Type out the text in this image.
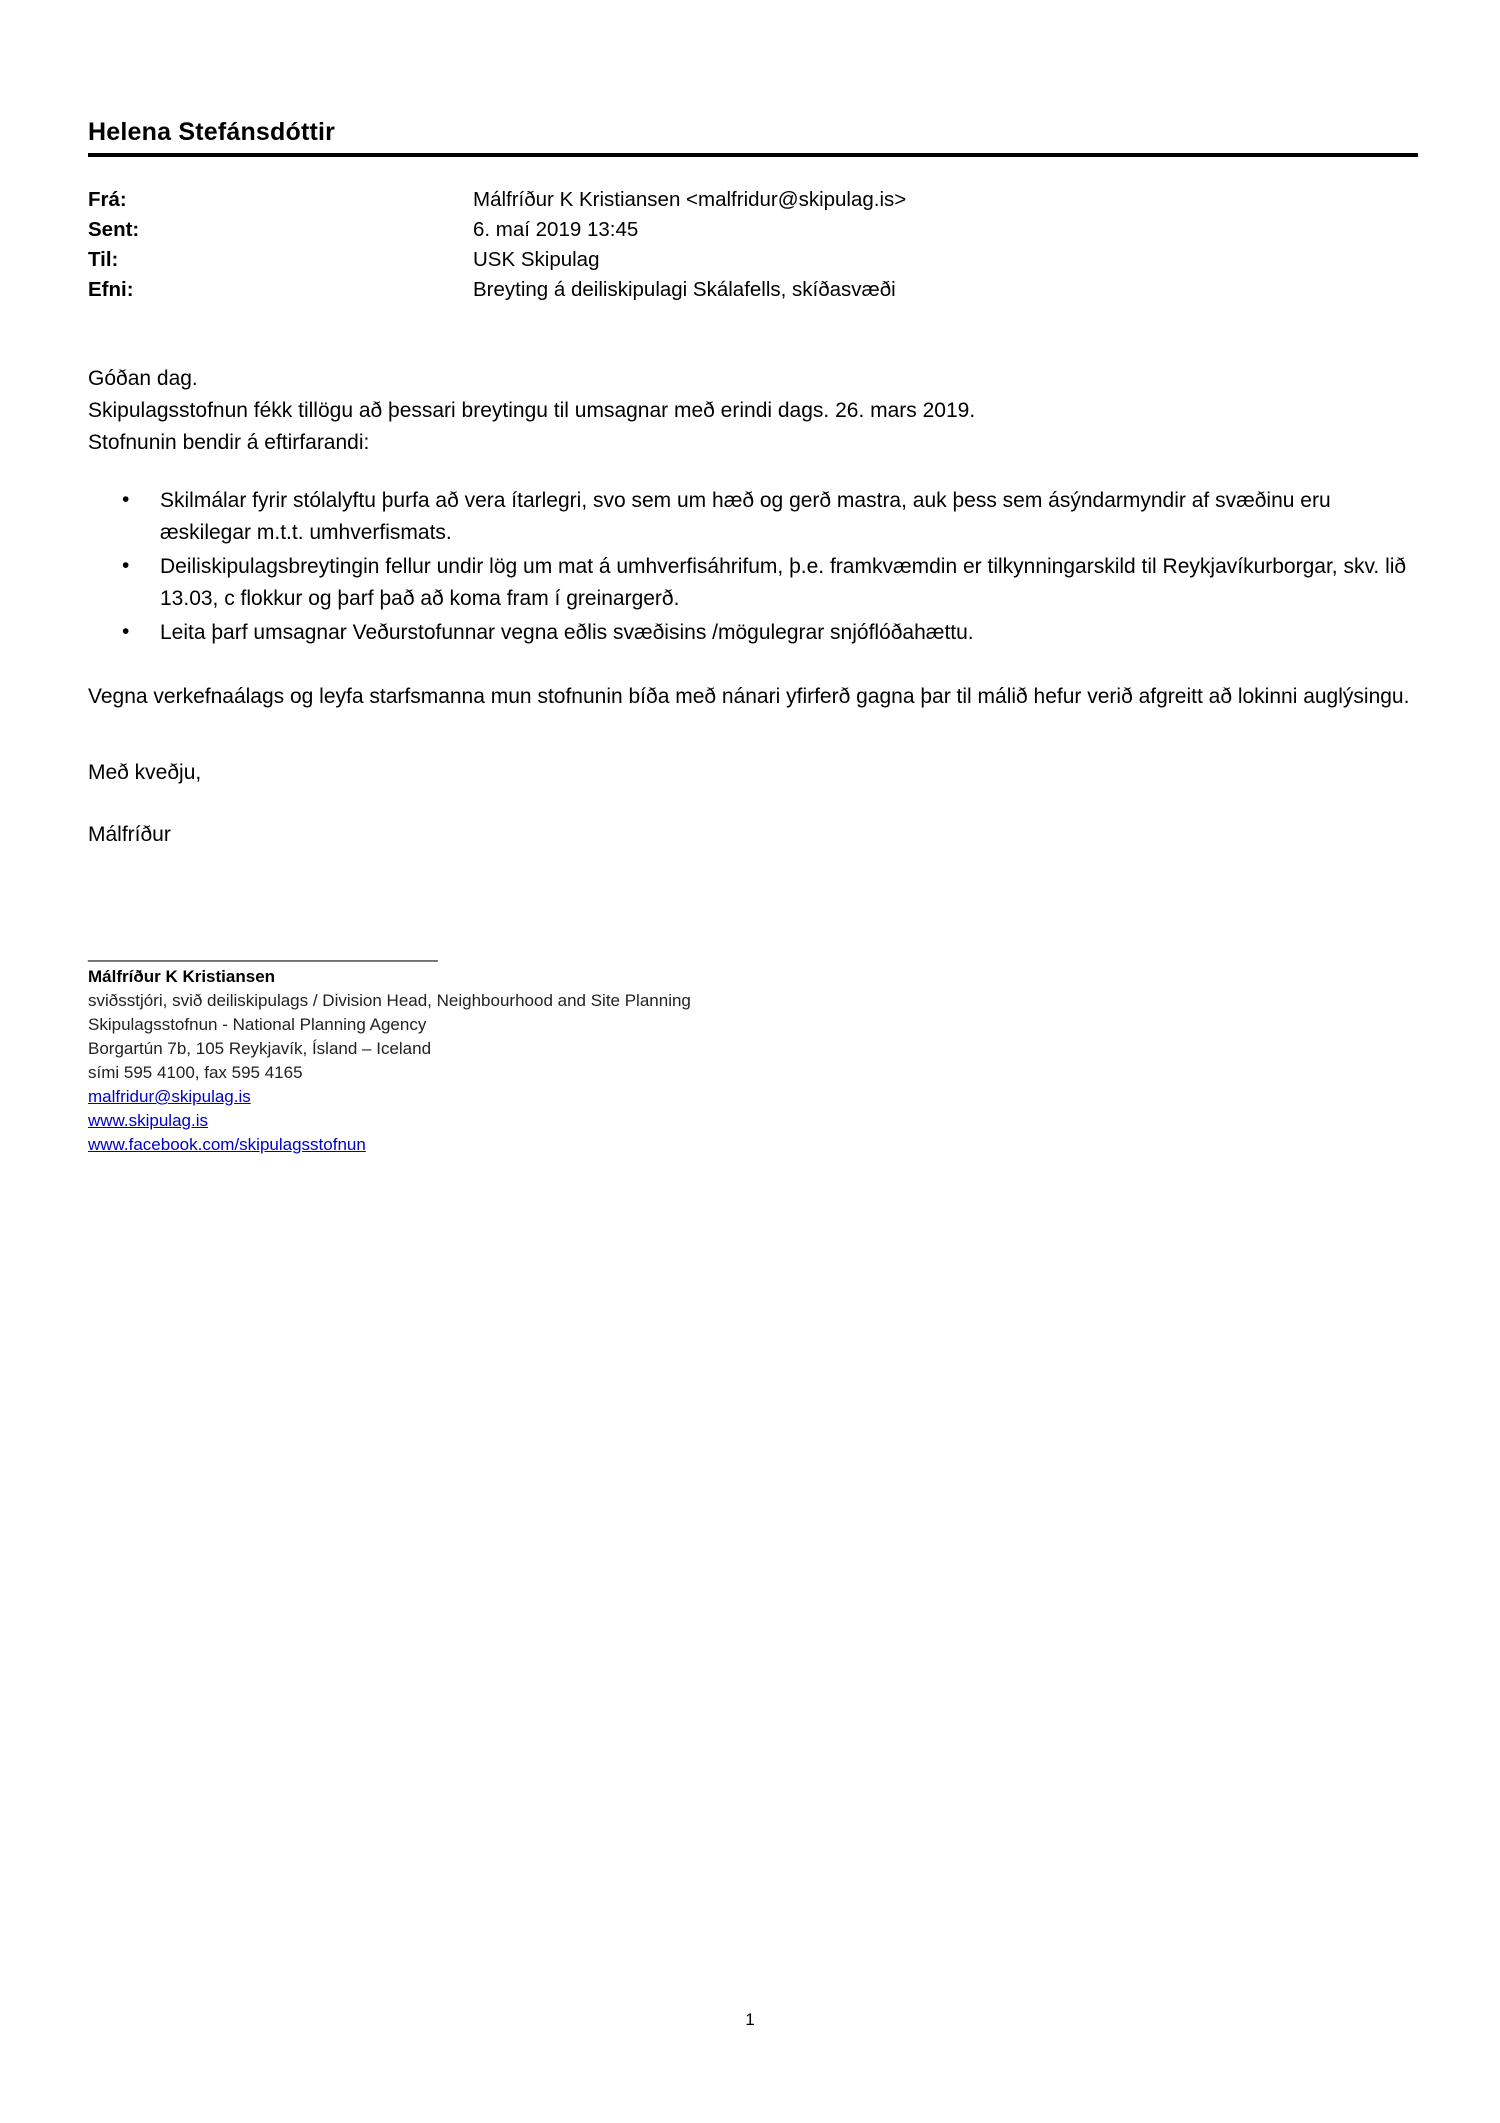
Helena Stefánsdóttir
Frá:	Málfríður K Kristiansen <malfridur@skipulag.is>
Sent:	6. maí 2019 13:45
Til:	USK Skipulag
Efni:	Breyting á deiliskipulagi Skálafells, skíðasvæði

Góðan dag.

Skipulagsstofnun fékk tillögu að þessari breytingu til umsagnar með erindi dags. 26. mars 2019.

Stofnunin bendir á eftirfarandi:

• Skilmálar fyrir stólalyftu þurfa að vera ítarlegri, svo sem um hæð og gerð mastra, auk þess sem ásýndarmyndir af svæðinu eru æskilegar m.t.t. umhverfismats.
• Deiliskipulagsbreytingin fellur undir lög um mat á umhverfisáhrifum, þ.e. framkvæmdin er tilkynningarskild til Reykjavíkurborgar, skv. lið 13.03, c flokkur og þarf það að koma fram í greinargerð.
• Leita þarf umsagnar Veðurstofunnar vegna eðlis svæðisins /mögulegrar snjóflóðahættu.

Vegna verkefnaálags og leyfa starfsmanna mun stofnunin bíða með nánari yfirferð gagna þar til málið hefur verið afgreitt að lokinni auglýsingu.

Með kveðju,

Málfríður

_______________________________________
Málfríður K Kristiansen
sviðsstjóri, svið deiliskipulags / Division Head, Neighbourhood and Site Planning
Skipulagsstofnun - National Planning Agency
Borgartún 7b, 105 Reykjavík, Ísland – Iceland
sími 595 4100, fax 595 4165
malfridur@skipulag.is
www.skipulag.is
www.facebook.com/skipulagsstofnun
1
